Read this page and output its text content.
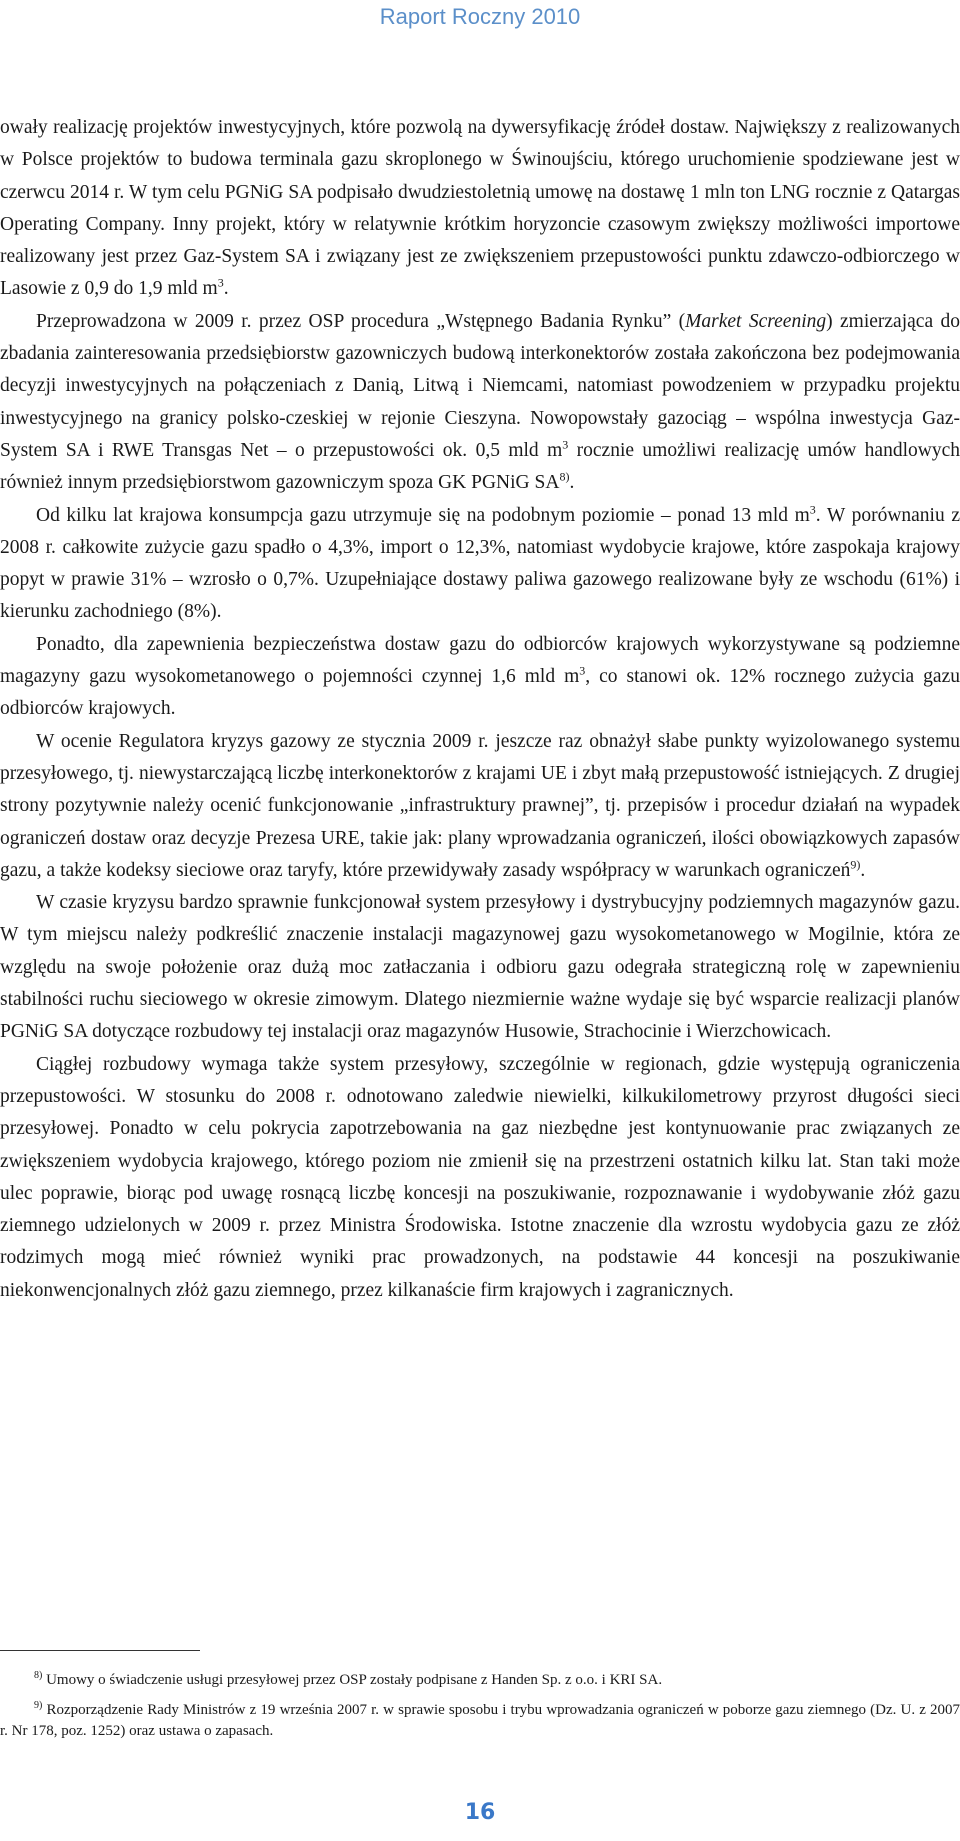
Raport Roczny 2010

owały realizację projektów inwestycyjnych, które pozwolą na dywersyfikację źródeł dostaw. Największy z realizowanych w Polsce projektów to budowa terminala gazu skroplonego w Świnoujściu, którego uruchomienie spodziewane jest w czerwcu 2014 r. W tym celu PGNiG SA podpisało dwudziestoletnią umowę na dostawę 1 mln ton LNG rocznie z Qatargas Operating Company. Inny projekt, który w relatywnie krótkim horyzoncie czasowym zwiększy możliwości importowe realizowany jest przez Gaz-System SA i związany jest ze zwiększeniem przepustowości punktu zdawczo-odbiorczego w Lasowie z 0,9 do 1,9 mld $m^3$.

Przeprowadzona w 2009 r. przez OSP procedura „Wstępnego Badania Rynku” (Market Screening) zmierzająca do zbadania zainteresowania przedsiębiorstw gazowniczych budową interkonektorów została zakończona bez podejmowania decyzji inwestycyjnych na połączeniach z Danią, Litwą i Niemcami, natomiast powodzeniem w przypadku projektu inwestycyjnego na granicy polsko-czeskiej w rejonie Cieszyna. Nowopowstały gazociąg – wspólna inwestycja Gaz-System SA i RWE Transgas Net – o przepustowości ok. 0,5 mld $m^3$ rocznie umożliwi realizację umów handlowych również innym przedsiębiorstwom gazowniczym spoza GK PGNiG SA$^{8)}$.

Od kilku lat krajowa konsumpcja gazu utrzymuje się na podobnym poziomie – ponad 13 mld $m^3$. W porównaniu z 2008 r. całkowite zużycie gazu spadło o 4,3%, import o 12,3%, natomiast wydobycie krajowe, które zaspokaja krajowy popyt w prawie 31% – wzrosło o 0,7%. Uzupełniające dostawy paliwa gazowego realizowane były ze wschodu (61%) i kierunku zachodniego (8%).

Ponadto, dla zapewnienia bezpieczeństwa dostaw gazu do odbiorców krajowych wykorzystywane są podziemne magazyny gazu wysokometanowego o pojemności czynnej 1,6 mld $m^3$, co stanowi ok. 12% rocznego zużycia gazu odbiorców krajowych.

W ocenie Regulatora kryzys gazowy ze stycznia 2009 r. jeszcze raz obnażył słabe punkty wyizolowanego systemu przesyłowego, tj. niewystarczającą liczbę interkonektorów z krajami UE i zbyt małą przepustowość istniejących. Z drugiej strony pozytywnie należy ocenić funkcjonowanie „infrastruktury prawnej”, tj. przepisów i procedur działań na wypadek ograniczeń dostaw oraz decyzje Prezesa URE, takie jak: plany wprowadzania ograniczeń, ilości obowiązkowych zapasów gazu, a także kodeksy sieciowe oraz taryfy, które przewidywały zasady współpracy w warunkach ograniczeń$^{9)}$.

W czasie kryzysu bardzo sprawnie funkcjonował system przesyłowy i dystrybucyjny podziemnych magazynów gazu. W tym miejscu należy podkreślić znaczenie instalacji magazynowej gazu wysokometanowego w Mogilnie, która ze względu na swoje położenie oraz dużą moc zatłaczania i odbioru gazu odegrała strategiczną rolę w zapewnieniu stabilności ruchu sieciowego w okresie zimowym. Dlatego niezmiernie ważne wydaje się być wsparcie realizacji planów PGNiG SA dotyczące rozbudowy tej instalacji oraz magazynów Husowie, Strachocinie i Wierzchowicach.

Ciągłej rozbudowy wymaga także system przesyłowy, szczególnie w regionach, gdzie występują ograniczenia przepustowości. W stosunku do 2008 r. odnotowano zaledwie niewielki, kilkukilometrowy przyrost długości sieci przesyłowej. Ponadto w celu pokrycia zapotrzebowania na gaz niezbędne jest kontynuowanie prac związanych ze zwiększeniem wydobycia krajowego, którego poziom nie zmienił się na przestrzeni ostatnich kilku lat. Stan taki może ulec poprawie, biorąc pod uwagę rosnącą liczbę koncesji na poszukiwanie, rozpoznawanie i wydobywanie złóż gazu ziemnego udzielonych w 2009 r. przez Ministra Środowiska. Istotne znaczenie dla wzrostu wydobycia gazu ze złóż rodzimych mogą mieć również wyniki prac prowadzonych, na podstawie 44 koncesji na poszukiwanie niekonwencjonalnych złóż gazu ziemnego, przez kilkanaście firm krajowych i zagranicznych.

$^{8)}$ Umowy o świadczenie usługi przesyłowej przez OSP zostały podpisane z Handen Sp. z o.o. i KRI SA.

$^{9)}$ Rozporządzenie Rady Ministrów z 19 września 2007 r. w sprawie sposobu i trybu wprowadzania ograniczeń w poborze gazu ziemnego (Dz. U. z 2007 r. Nr 178, poz. 1252) oraz ustawa o zapasach.

16
